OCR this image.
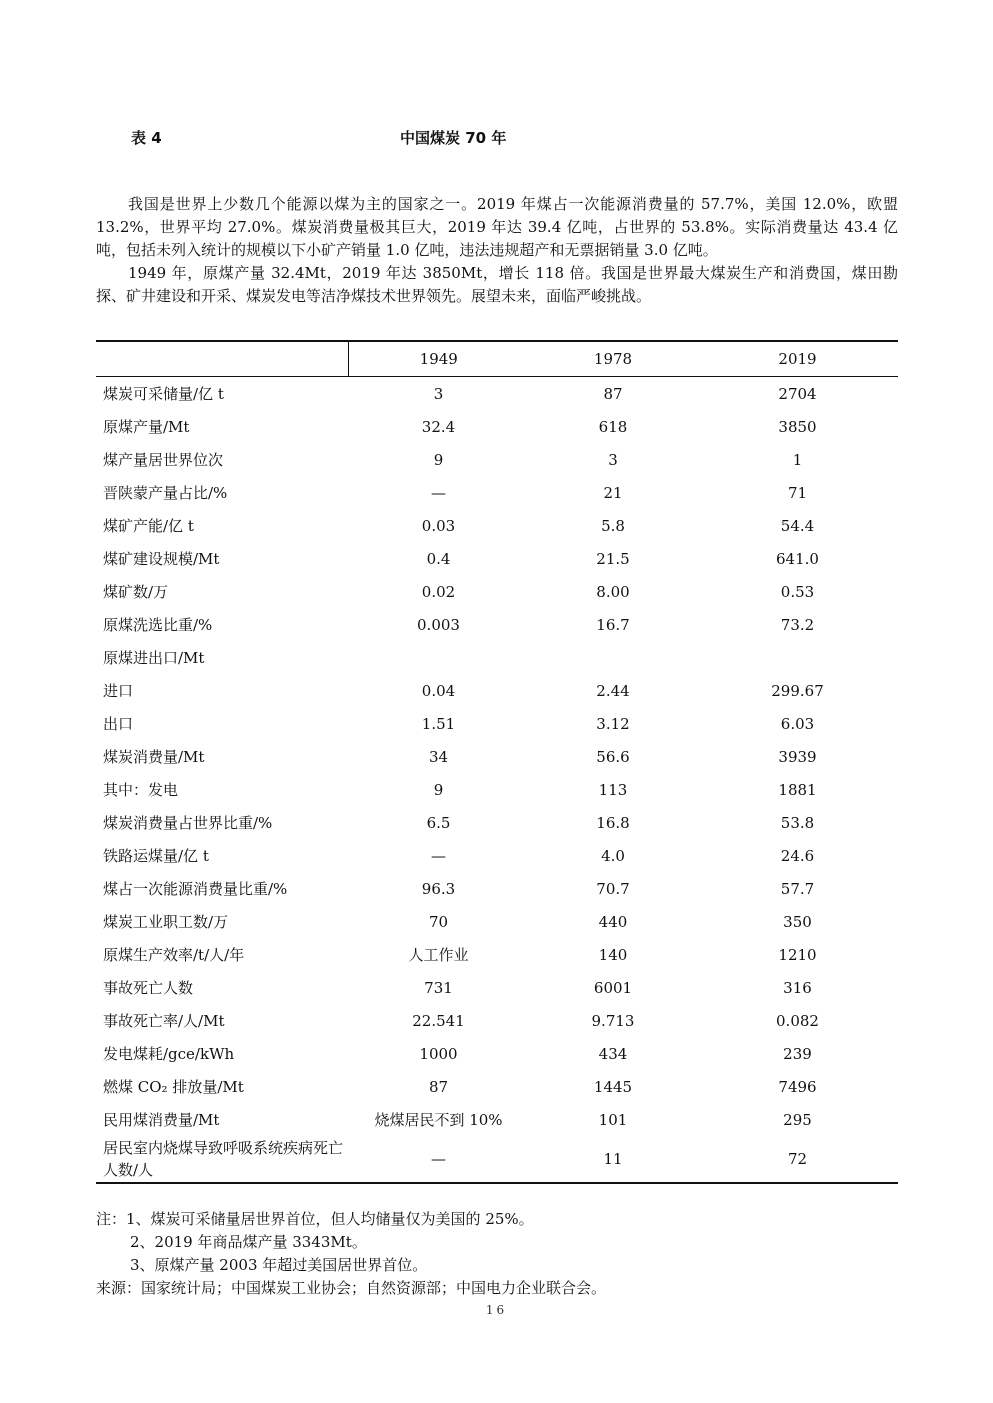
表 4	中国煤炭 70 年

我国是世界上少数几个能源以煤为主的国家之一。2019 年煤占一次能源消费量的 57.7%，美国 12.0%，欧盟 13.2%，世界平均 27.0%。煤炭消费量极其巨大，2019 年达 39.4 亿吨，占世界的 53.8%。实际消费量达 43.4 亿吨，包括未列入统计的规模以下小矿产销量 1.0 亿吨，违法违规超产和无票据销量 3.0 亿吨。

1949 年，原煤产量 32.4Mt，2019 年达 3850Mt，增长 118 倍。我国是世界最大煤炭生产和消费国，煤田勘探、矿井建设和开采、煤炭发电等洁净煤技术世界领先。展望未来，面临严峻挑战。

	1949	1978	2019
煤炭可采储量/亿 t	3	87	2704
原煤产量/Mt	32.4	618	3850
煤产量居世界位次	9	3	1
晋陕蒙产量占比/%	—	21	71
煤矿产能/亿 t	0.03	5.8	54.4
煤矿建设规模/Mt	0.4	21.5	641.0
煤矿数/万	0.02	8.00	0.53
原煤洗选比重/%	0.003	16.7	73.2
原煤进出口/Mt			
进口	0.04	2.44	299.67
出口	1.51	3.12	6.03
煤炭消费量/Mt	34	56.6	3939
其中：发电	9	113	1881
煤炭消费量占世界比重/%	6.5	16.8	53.8
铁路运煤量/亿 t	—	4.0	24.6
煤占一次能源消费量比重/%	96.3	70.7	57.7
煤炭工业职工数/万	70	440	350
原煤生产效率/t/人/年	人工作业	140	1210
事故死亡人数	731	6001	316
事故死亡率/人/Mt	22.541	9.713	0.082
发电煤耗/gce/kWh	1000	434	239
燃煤 CO₂ 排放量/Mt	87	1445	7496
民用煤消费量/Mt	烧煤居民不到 10%	101	295
居民室内烧煤导致呼吸系统疾病死亡人数/人	—	11	72
注：1、煤炭可采储量居世界首位，但人均储量仅为美国的 25%。
2、2019 年商品煤产量 3343Mt。
3、原煤产量 2003 年超过美国居世界首位。
来源：国家统计局；中国煤炭工业协会；自然资源部；中国电力企业联合会。
16
